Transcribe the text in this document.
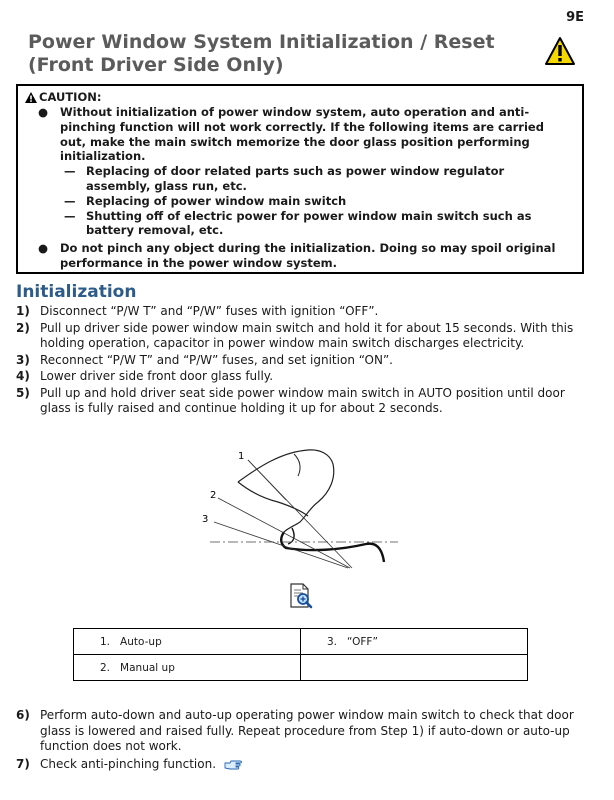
9E
Power Window System Initialization / Reset
(Front Driver Side Only)
CAUTION:
● Without initialization of power window system, auto operation and anti-
pinching function will not work correctly. If the following items are carried
out, make the main switch memorize the door glass position performing
initialization.
— Replacing of door related parts such as power window regulator
assembly, glass run, etc.
— Replacing of power window main switch
— Shutting off of electric power for power window main switch such as
battery removal, etc.
● Do not pinch any object during the initialization. Doing so may spoil original
performance in the power window system.
Initialization
1) Disconnect “P/W T” and “P/W” fuses with ignition “OFF”.
2) Pull up driver side power window main switch and hold it for about 15 seconds. With this
holding operation, capacitor in power window main switch discharges electricity.
3) Reconnect “P/W T” and “P/W” fuses, and set ignition “ON”.
4) Lower driver side front door glass fully.
5) Pull up and hold driver seat side power window main switch in AUTO position until door
glass is fully raised and continue holding it up for about 2 seconds.
1
2
3
1. Auto-up	3. “OFF”
2. Manual up	
6) Perform auto-down and auto-up operating power window main switch to check that door
glass is lowered and raised fully. Repeat procedure from Step 1) if auto-down or auto-up
function does not work.
7) Check anti-pinching function.
